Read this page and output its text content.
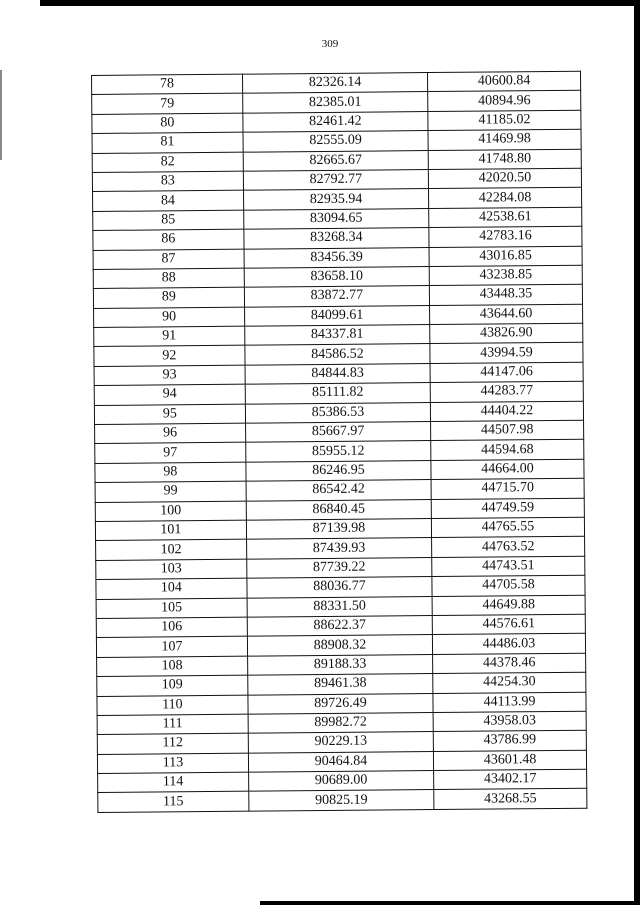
309
78	82326.14	40600.84
79	82385.01	40894.96
80	82461.42	41185.02
81	82555.09	41469.98
82	82665.67	41748.80
83	82792.77	42020.50
84	82935.94	42284.08
85	83094.65	42538.61
86	83268.34	42783.16
87	83456.39	43016.85
88	83658.10	43238.85
89	83872.77	43448.35
90	84099.61	43644.60
91	84337.81	43826.90
92	84586.52	43994.59
93	84844.83	44147.06
94	85111.82	44283.77
95	85386.53	44404.22
96	85667.97	44507.98
97	85955.12	44594.68
98	86246.95	44664.00
99	86542.42	44715.70
100	86840.45	44749.59
101	87139.98	44765.55
102	87439.93	44763.52
103	87739.22	44743.51
104	88036.77	44705.58
105	88331.50	44649.88
106	88622.37	44576.61
107	88908.32	44486.03
108	89188.33	44378.46
109	89461.38	44254.30
110	89726.49	44113.99
111	89982.72	43958.03
112	90229.13	43786.99
113	90464.84	43601.48
114	90689.00	43402.17
115	90825.19	43268.55
